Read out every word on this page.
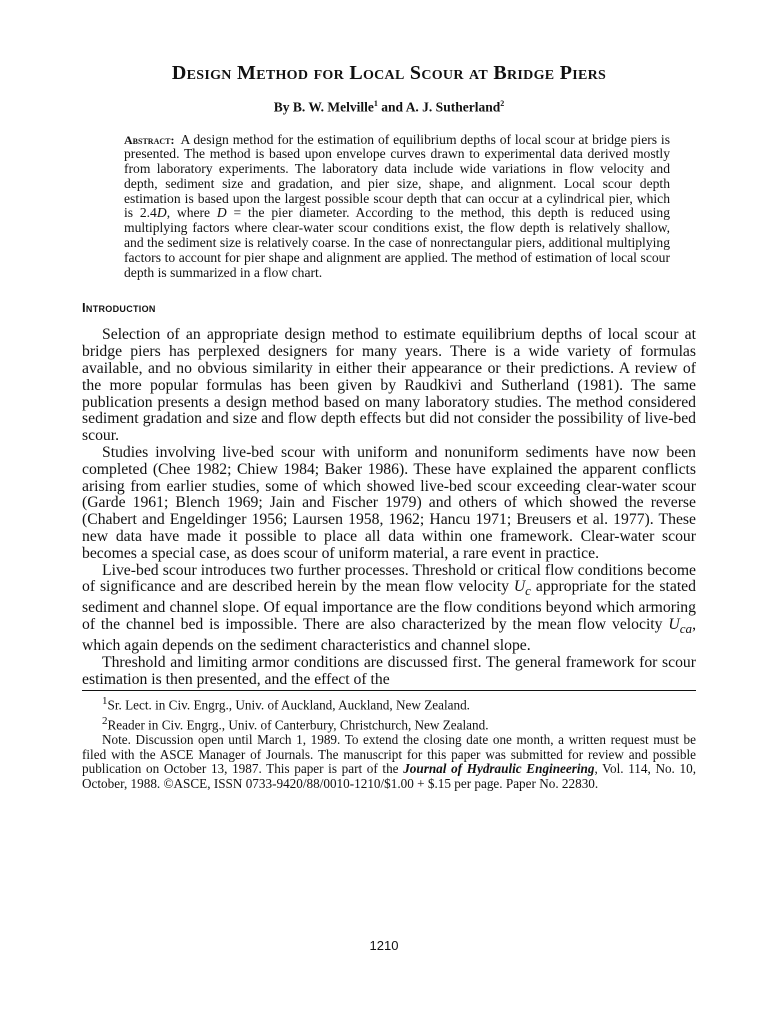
Design Method for Local Scour at Bridge Piers
By B. W. Melville$^1$ and A. J. Sutherland$^2$

Abstract: A design method for the estimation of equilibrium depths of local scour at bridge piers is presented. The method is based upon envelope curves drawn to experimental data derived mostly from laboratory experiments. The laboratory data include wide variations in flow velocity and depth, sediment size and gradation, and pier size, shape, and alignment. Local scour depth estimation is based upon the largest possible scour depth that can occur at a cylindrical pier, which is 2.4D, where D = the pier diameter. According to the method, this depth is reduced using multiplying factors where clear-water scour conditions exist, the flow depth is relatively shallow, and the sediment size is relatively coarse. In the case of nonrectangular piers, additional multiplying factors to account for pier shape and alignment are applied. The method of estimation of local scour depth is summarized in a flow chart.

Introduction

Selection of an appropriate design method to estimate equilibrium depths of local scour at bridge piers has perplexed designers for many years. There is a wide variety of formulas available, and no obvious similarity in either their appearance or their predictions. A review of the more popular formulas has been given by Raudkivi and Sutherland (1981). The same publication presents a design method based on many laboratory studies. The method considered sediment gradation and size and flow depth effects but did not consider the possibility of live-bed scour.

Studies involving live-bed scour with uniform and nonuniform sediments have now been completed (Chee 1982; Chiew 1984; Baker 1986). These have explained the apparent conflicts arising from earlier studies, some of which showed live-bed scour exceeding clear-water scour (Garde 1961; Blench 1969; Jain and Fischer 1979) and others of which showed the reverse (Chabert and Engeldinger 1956; Laursen 1958, 1962; Hancu 1971; Breusers et al. 1977). These new data have made it possible to place all data within one framework. Clear-water scour becomes a special case, as does scour of uniform material, a rare event in practice.

Live-bed scour introduces two further processes. Threshold or critical flow conditions become of significance and are described herein by the mean flow velocity $U_c$ appropriate for the stated sediment and channel slope. Of equal importance are the flow conditions beyond which armoring of the channel bed is impossible. There are also characterized by the mean flow velocity $U_{ca}$, which again depends on the sediment characteristics and channel slope.

Threshold and limiting armor conditions are discussed first. The general framework for scour estimation is then presented, and the effect of the

$^1$Sr. Lect. in Civ. Engrg., Univ. of Auckland, Auckland, New Zealand.

$^2$Reader in Civ. Engrg., Univ. of Canterbury, Christchurch, New Zealand.

Note. Discussion open until March 1, 1989. To extend the closing date one month, a written request must be filed with the ASCE Manager of Journals. The manuscript for this paper was submitted for review and possible publication on October 13, 1987. This paper is part of the Journal of Hydraulic Engineering, Vol. 114, No. 10, October, 1988. ©ASCE, ISSN 0733-9420/88/0010-1210/$1.00 + $.15 per page. Paper No. 22830.

1210
